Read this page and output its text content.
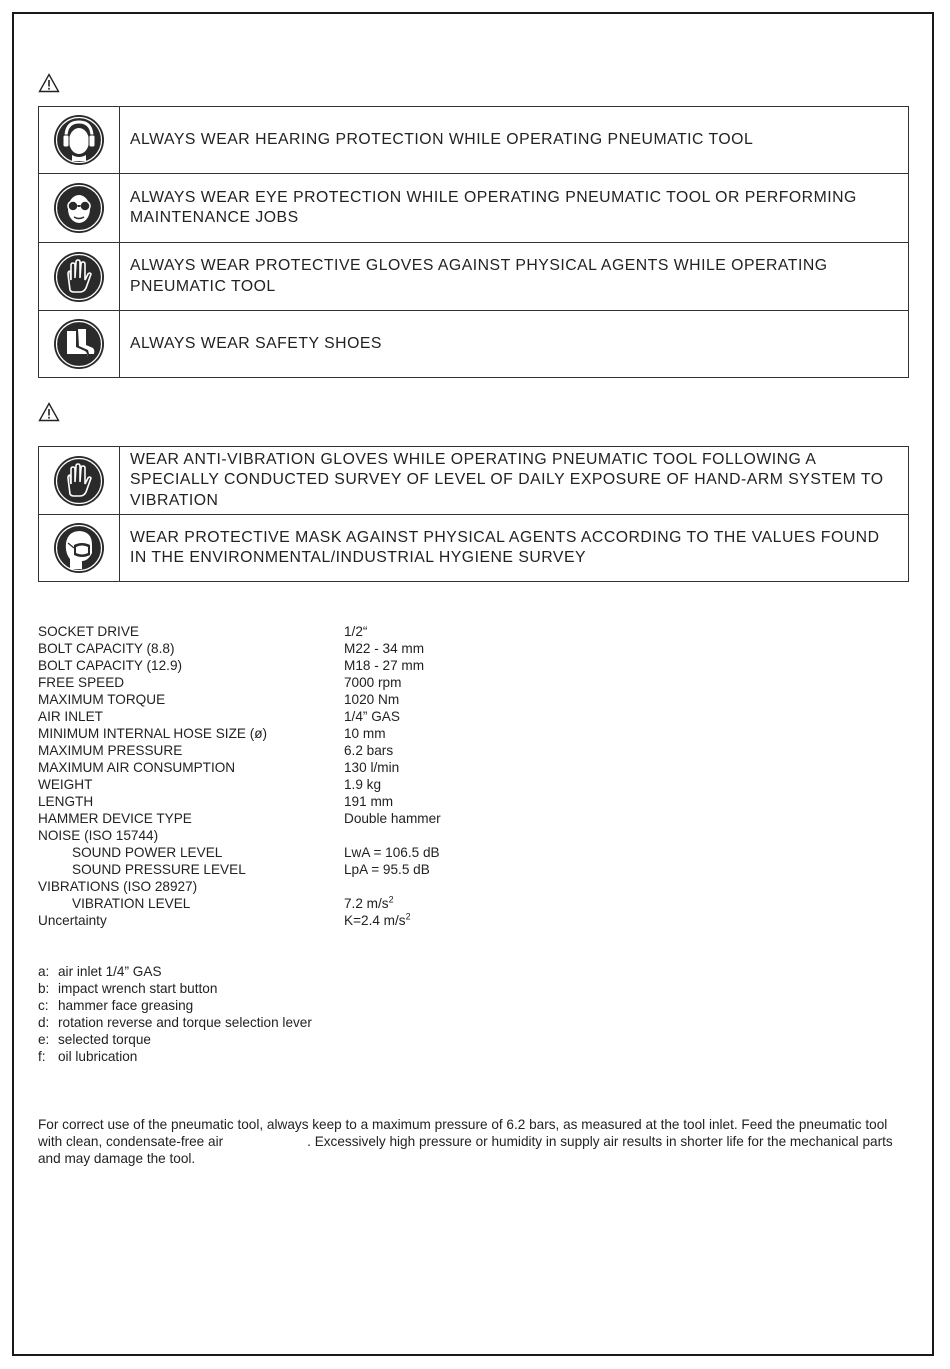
	ALWAYS WEAR HEARING PROTECTION WHILE OPERATING PNEUMATIC TOOL

	ALWAYS WEAR EYE PROTECTION WHILE OPERATING PNEUMATIC TOOL OR PERFORMING MAINTENANCE JOBS

	ALWAYS WEAR PROTECTIVE GLOVES AGAINST PHYSICAL AGENTS WHILE OPERATING PNEUMATIC TOOL

	ALWAYS WEAR SAFETY SHOES
	WEAR ANTI-VIBRATION GLOVES WHILE OPERATING PNEUMATIC TOOL FOLLOWING A SPECIALLY CONDUCTED SURVEY OF LEVEL OF DAILY EXPOSURE OF HAND-ARM SYSTEM TO VIBRATION

	WEAR PROTECTIVE MASK AGAINST PHYSICAL AGENTS ACCORDING TO THE VALUES FOUND IN THE ENVIRONMENTAL/INDUSTRIAL HYGIENE SURVEY
SOCKET DRIVE	1/2“
BOLT CAPACITY (8.8)	M22 - 34 mm
BOLT CAPACITY (12.9)	M18 - 27 mm
FREE SPEED	7000 rpm
MAXIMUM TORQUE	1020 Nm
AIR INLET	1/4” GAS
MINIMUM INTERNAL HOSE SIZE (ø)	10 mm
MAXIMUM PRESSURE	6.2 bars
MAXIMUM AIR CONSUMPTION	130 l/min
WEIGHT	1.9 kg
LENGTH	191 mm
HAMMER DEVICE TYPE	Double hammer
NOISE (ISO 15744)
SOUND POWER LEVEL	LwA = 106.5 dB
SOUND PRESSURE LEVEL	LpA = 95.5 dB
VIBRATIONS (ISO 28927)
VIBRATION LEVEL	7.2 $m/s^2$
Uncertainty	K=2.4 $m/s^2$
a: air inlet 1/4” GAS
b: impact wrench start button
c: hammer face greasing
d: rotation reverse and torque selection lever
e: selected torque
f: oil lubrication
For correct use of the pneumatic tool, always keep to a maximum pressure of 6.2 bars, as measured at the tool inlet. Feed the pneumatic tool with clean, condensate-free air	. Excessively high pressure or humidity in supply air results in shorter life for the mechanical parts and may damage the tool.
